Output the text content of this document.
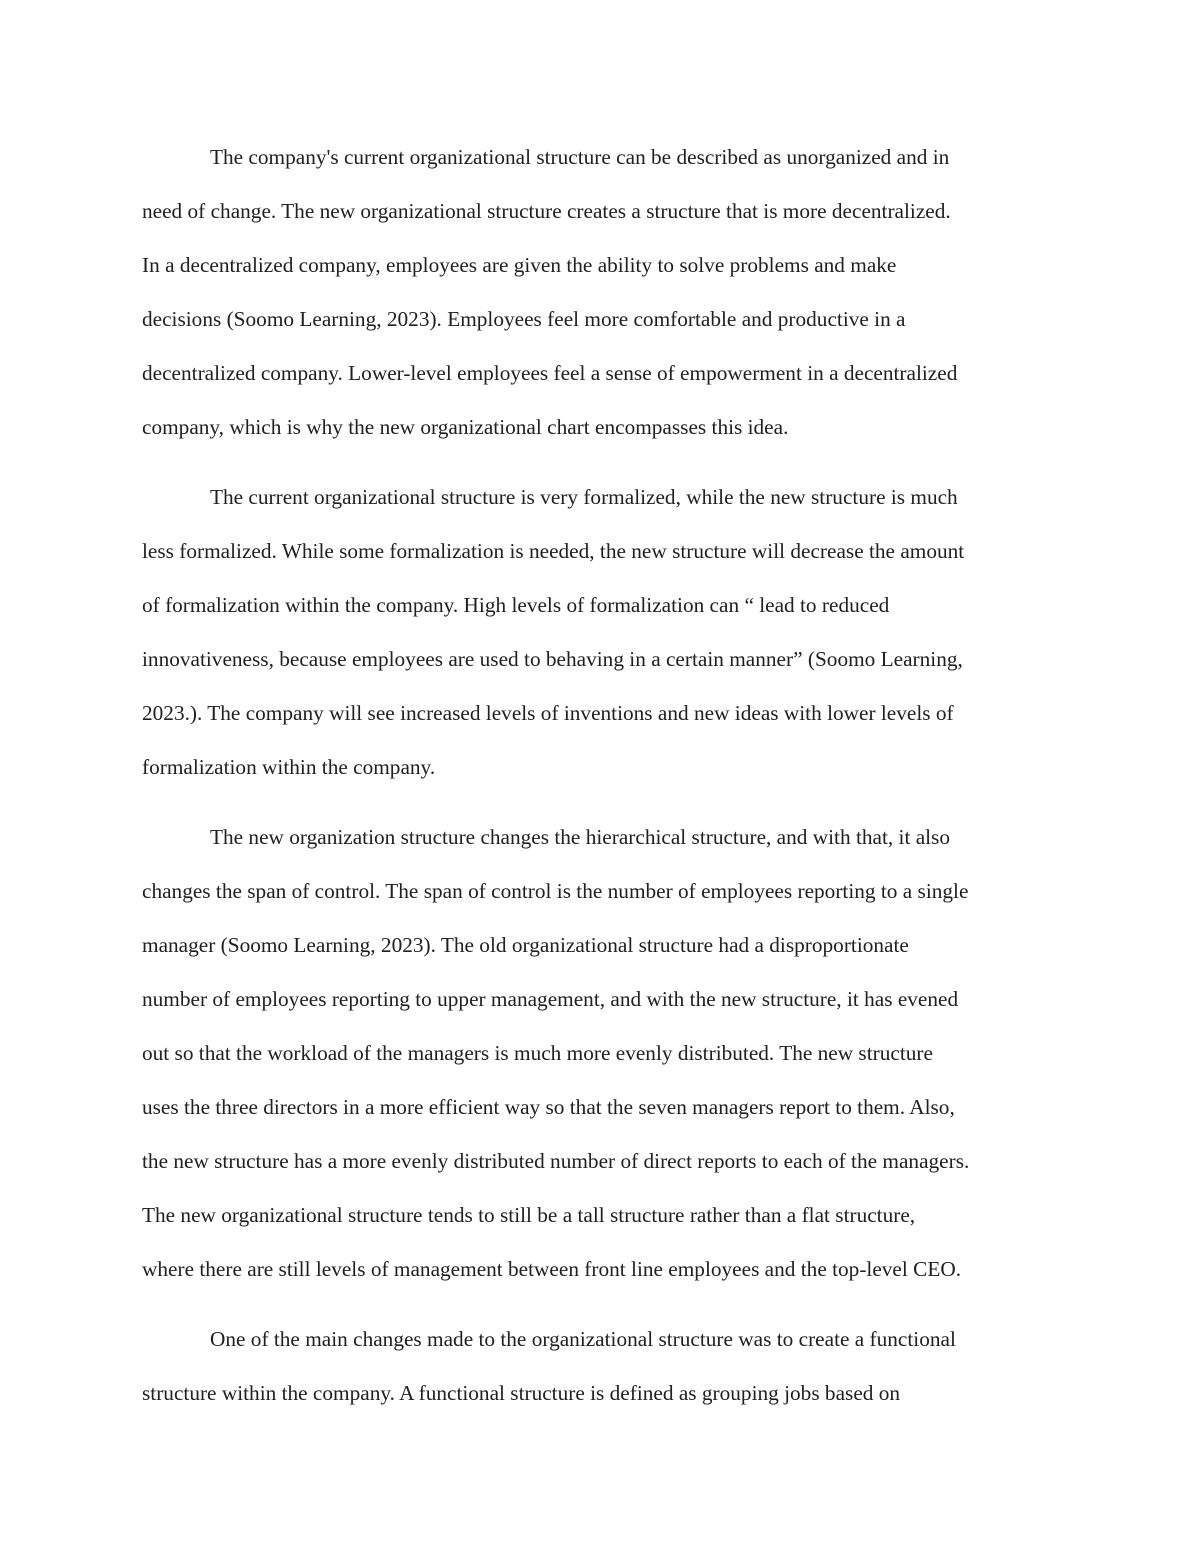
The company's current organizational structure can be described as unorganized and in

need of change. The new organizational structure creates a structure that is more decentralized.

In a decentralized company, employees are given the ability to solve problems and make

decisions (Soomo Learning, 2023). Employees feel more comfortable and productive in a

decentralized company. Lower-level employees feel a sense of empowerment in a decentralized

company, which is why the new organizational chart encompasses this idea.

The current organizational structure is very formalized, while the new structure is much

less formalized. While some formalization is needed, the new structure will decrease the amount

of formalization within the company. High levels of formalization can “ lead to reduced

innovativeness, because employees are used to behaving in a certain manner” (Soomo Learning,

2023.). The company will see increased levels of inventions and new ideas with lower levels of

formalization within the company.

The new organization structure changes the hierarchical structure, and with that, it also

changes the span of control. The span of control is the number of employees reporting to a single

manager (Soomo Learning, 2023). The old organizational structure had a disproportionate

number of employees reporting to upper management, and with the new structure, it has evened

out so that the workload of the managers is much more evenly distributed. The new structure

uses the three directors in a more efficient way so that the seven managers report to them. Also,

the new structure has a more evenly distributed number of direct reports to each of the managers.

The new organizational structure tends to still be a tall structure rather than a flat structure,

where there are still levels of management between front line employees and the top-level CEO.

One of the main changes made to the organizational structure was to create a functional

structure within the company. A functional structure is defined as grouping jobs based on
